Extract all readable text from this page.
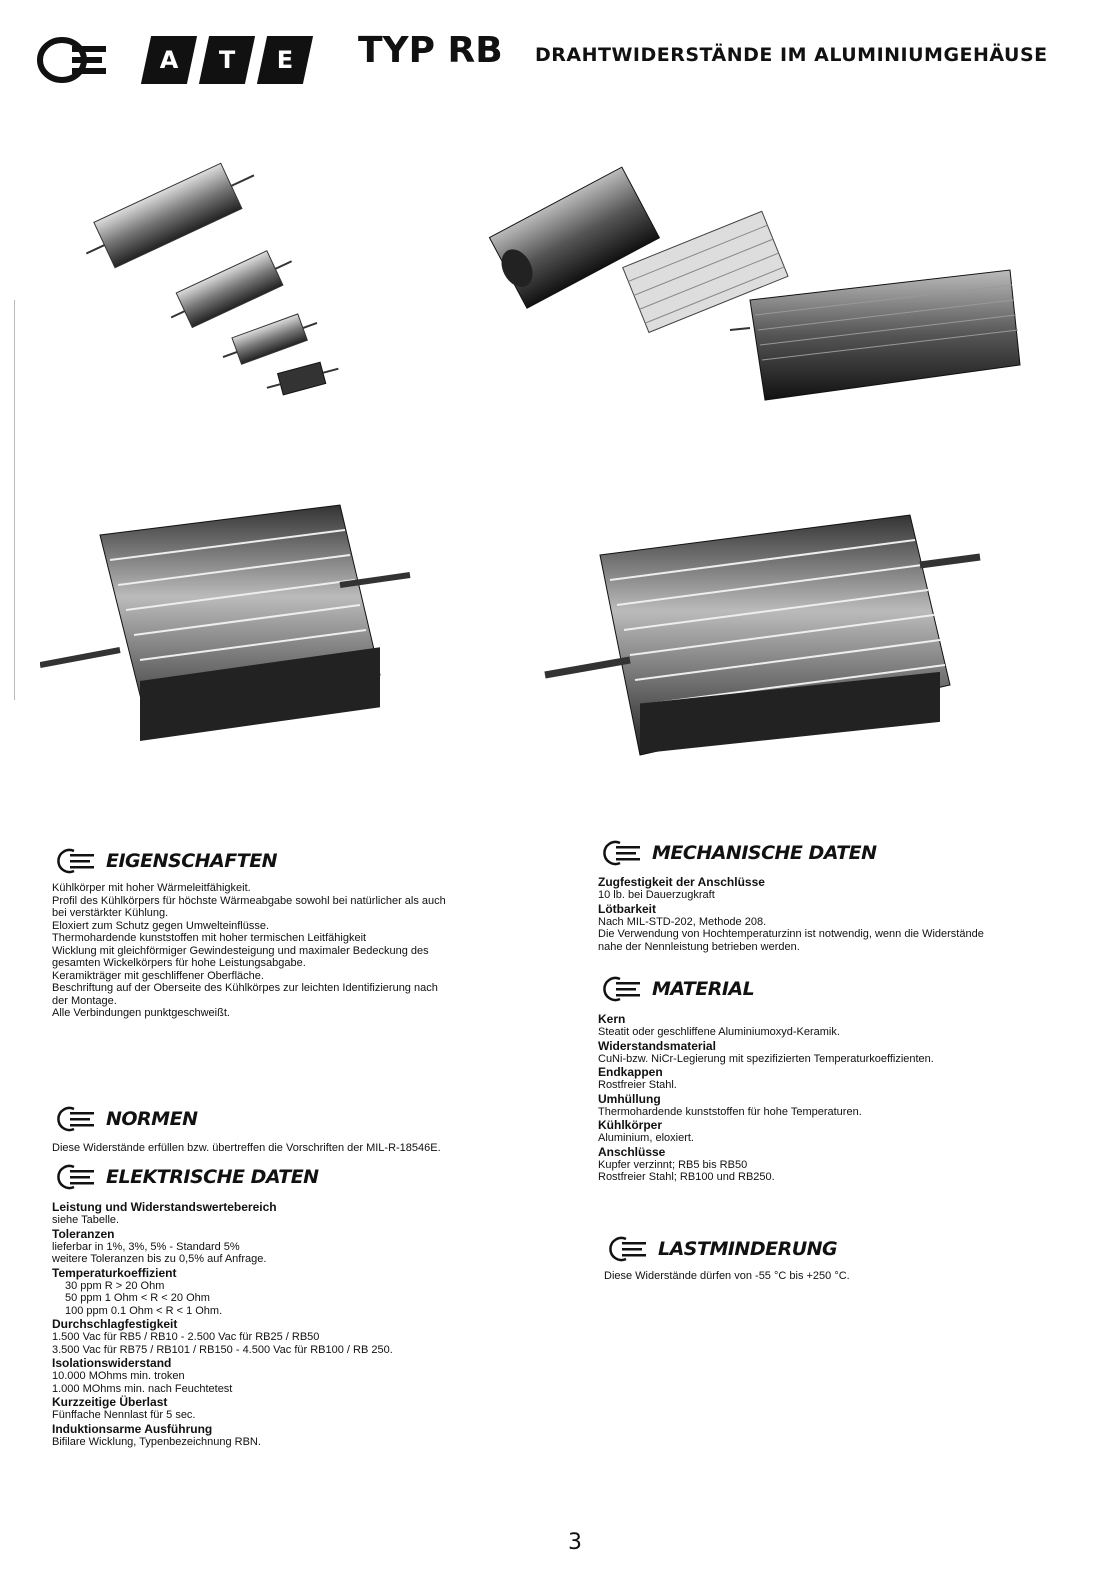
A	T	E	TYP RB DRAHTWIDERSTÄNDE IM ALUMINIUMGEHÄUSE
EIGENSCHAFTEN
Kühlkörper mit hoher Wärmeleitfähigkeit.
Profil des Kühlkörpers für höchste Wärmeabgabe sowohl bei natürlicher als auch
bei verstärkter Kühlung.
Eloxiert zum Schutz gegen Umwelteinflüsse.
Thermohardende kunststoffen mit hoher termischen Leitfähigkeit
Wicklung mit gleichförmiger Gewindesteigung und maximaler Bedeckung des
gesamten Wickelkörpers für hohe Leistungsabgabe.
Keramikträger mit geschliffener Oberfläche.
Beschriftung auf der Oberseite des Kühlkörpes zur leichten Identifizierung nach
der Montage.
Alle Verbindungen punktgeschweißt.
NORMEN
Diese Widerstände erfüllen bzw. übertreffen die Vorschriften der MIL-R-18546E.
ELEKTRISCHE DATEN
Leistung und Widerstandswertebereich
siehe Tabelle.
Toleranzen
lieferbar in 1%, 3%, 5% - Standard 5%
weitere Toleranzen bis zu 0,5% auf Anfrage.
Temperaturkoeffizient
30 ppm R > 20 Ohm
50 ppm 1 Ohm < R < 20 Ohm
100 ppm 0.1 Ohm < R < 1 Ohm.
Durchschlagfestigkeit
1.500 Vac für RB5 / RB10 - 2.500 Vac für RB25 / RB50
3.500 Vac für RB75 / RB101 / RB150 - 4.500 Vac für RB100 / RB 250.
Isolationswiderstand
10.000 MOhms min. troken
1.000 MOhms min. nach Feuchtetest
Kurzzeitige Überlast
Fünffache Nennlast für 5 sec.
Induktionsarme Ausführung
Bifilare Wicklung, Typenbezeichnung RBN.
MECHANISCHE DATEN
Zugfestigkeit der Anschlüsse
10 lb. bei Dauerzugkraft
Lötbarkeit
Nach MIL-STD-202, Methode 208.
Die Verwendung von Hochtemperaturzinn ist notwendig, wenn die Widerstände
nahe der Nennleistung betrieben werden.
MATERIAL
Kern
Steatit oder geschliffene Aluminiumoxyd-Keramik.
Widerstandsmaterial
CuNi-bzw. NiCr-Legierung mit spezifizierten Temperaturkoeffizienten.
Endkappen
Rostfreier Stahl.
Umhüllung
Thermohardende kunststoffen für hohe Temperaturen.
Kühlkörper
Aluminium, eloxiert.
Anschlüsse
Kupfer verzinnt; RB5 bis RB50
Rostfreier Stahl; RB100 und RB250.
LASTMINDERUNG
Diese Widerstände dürfen von -55 °C bis +250 °C.
3
